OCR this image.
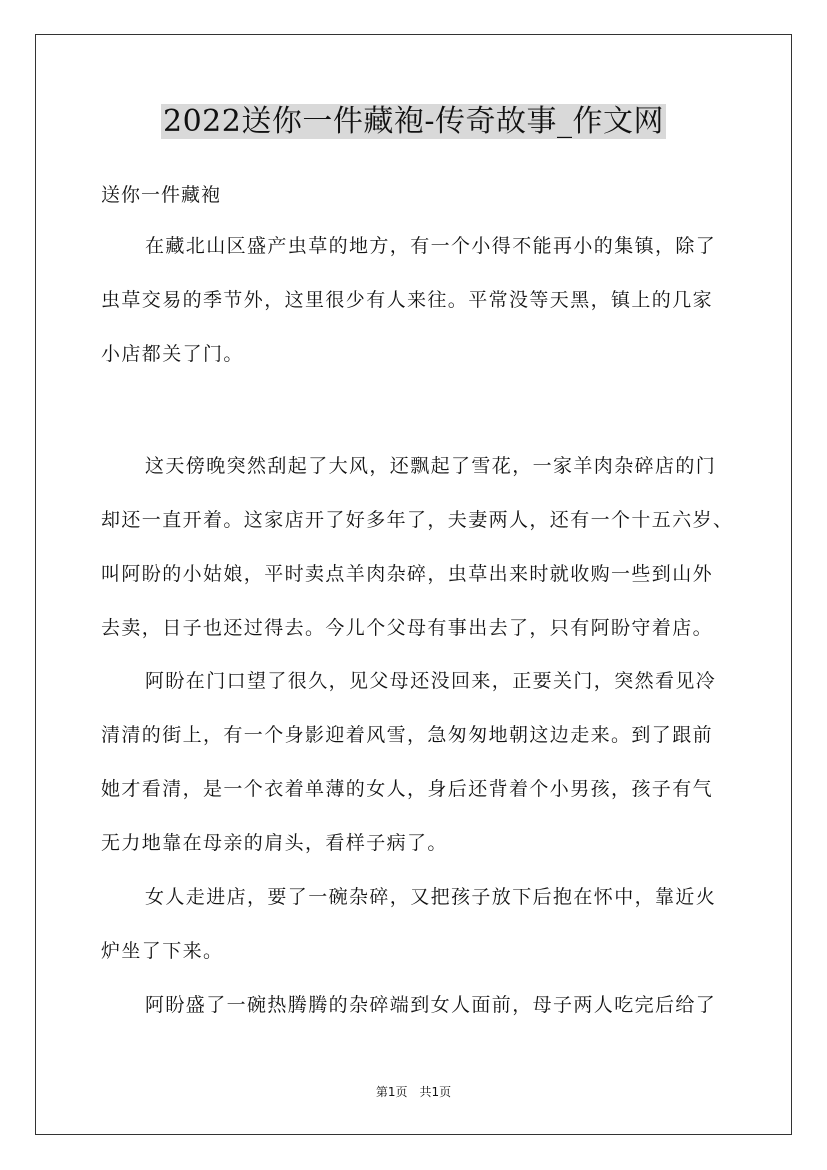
2022送你一件藏袍-传奇故事_作文网
送你一件藏袍
在藏北山区盛产虫草的地方，有一个小得不能再小的集镇，除了
虫草交易的季节外，这里很少有人来往。平常没等天黑，镇上的几家
小店都关了门。
这天傍晚突然刮起了大风，还飘起了雪花，一家羊肉杂碎店的门
却还一直开着。这家店开了好多年了，夫妻两人，还有一个十五六岁、
叫阿盼的小姑娘，平时卖点羊肉杂碎，虫草出来时就收购一些到山外
去卖，日子也还过得去。今儿个父母有事出去了，只有阿盼守着店。
阿盼在门口望了很久，见父母还没回来，正要关门，突然看见冷
清清的街上，有一个身影迎着风雪，急匆匆地朝这边走来。到了跟前
她才看清，是一个衣着单薄的女人，身后还背着个小男孩，孩子有气
无力地靠在母亲的肩头，看样子病了。
女人走进店，要了一碗杂碎，又把孩子放下后抱在怀中，靠近火
炉坐了下来。
阿盼盛了一碗热腾腾的杂碎端到女人面前，母子两人吃完后给了
第1页 共1页
